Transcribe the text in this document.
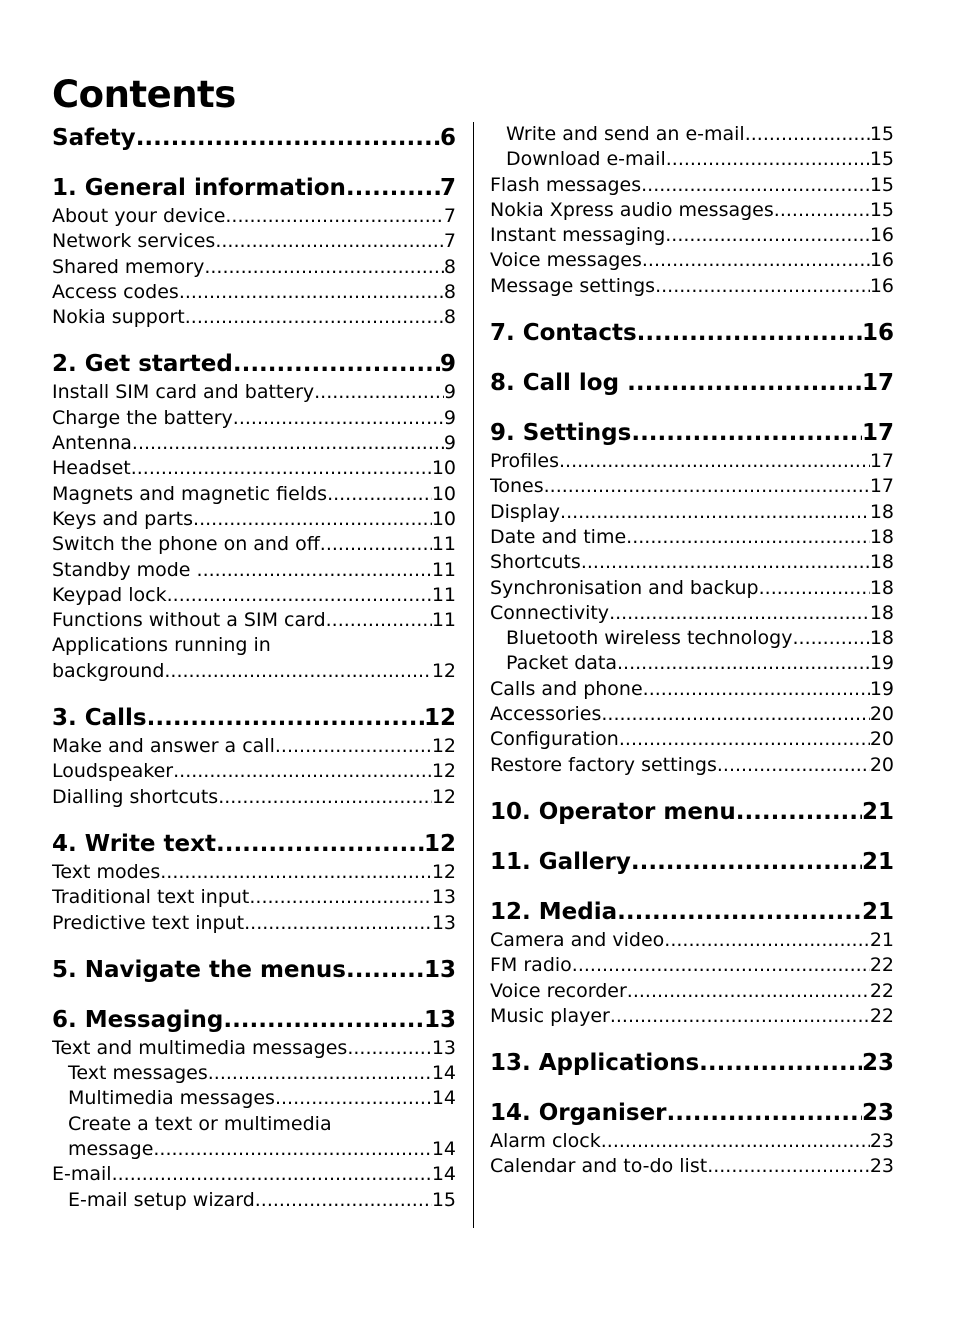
Contents
Safety .....	6
1. General information .....	7
About your device .....	7
Network services .....	7
Shared memory .....	8
Access codes .....	8
Nokia support .....	8
2. Get started .....	9
Install SIM card and battery .....	9
Charge the battery .....	9
Antenna .....	9
Headset .....	10
Magnets and magnetic fields .....	10
Keys and parts .....	10
Switch the phone on and off .....	11
Standby mode .....	11
Keypad lock .....	11
Functions without a SIM card .....	11
Applications running in
background .....	12
3. Calls .....	12
Make and answer a call .....	12
Loudspeaker .....	12
Dialling shortcuts .....	12
4. Write text .....	12
Text modes .....	12
Traditional text input .....	13
Predictive text input .....	13
5. Navigate the menus .....	13
6. Messaging .....	13
Text and multimedia messages .....	13
Text messages .....	14
Multimedia messages .....	14
Create a text or multimedia
message .....	14
E-mail .....	14
E-mail setup wizard .....	15
Write and send an e-mail .....	15
Download e-mail .....	15
Flash messages .....	15
Nokia Xpress audio messages .....	15
Instant messaging .....	16
Voice messages .....	16
Message settings .....	16
7. Contacts .....	16
8. Call log .....	17
9. Settings .....	17
Profiles .....	17
Tones .....	17
Display .....	18
Date and time .....	18
Shortcuts .....	18
Synchronisation and backup .....	18
Connectivity .....	18
Bluetooth wireless technology .....	18
Packet data .....	19
Calls and phone .....	19
Accessories .....	20
Configuration .....	20
Restore factory settings .....	20
10. Operator menu .....	21
11. Gallery .....	21
12. Media .....	21
Camera and video .....	21
FM radio .....	22
Voice recorder .....	22
Music player .....	22
13. Applications .....	23
14. Organiser .....	23
Alarm clock .....	23
Calendar and to-do list .....	23
